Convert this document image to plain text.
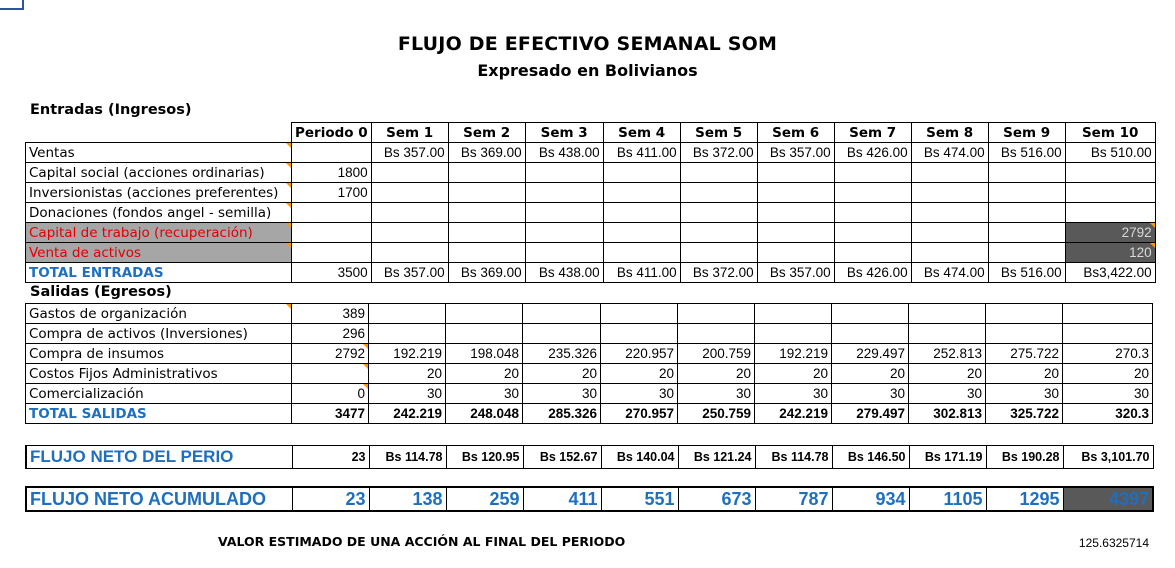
FLUJO DE EFECTIVO SEMANAL SOM
Expresado en Bolivianos
Entradas (Ingresos)
Salidas (Egresos)
	Periodo 0	Sem 1	Sem 2	Sem 3	Sem 4	Sem 5	Sem 6	Sem 7	Sem 8	Sem 9	Sem 10
Ventas		Bs 357.00	Bs 369.00	Bs 438.00	Bs 411.00	Bs 372.00	Bs 357.00	Bs 426.00	Bs 474.00	Bs 516.00	Bs 510.00
Capital social (acciones ordinarias)	1800										
Inversionistas (acciones preferentes)	1700										
Donaciones (fondos angel - semilla)											
Capital de trabajo (recuperación)											2792
Venta de activos											120
TOTAL ENTRADAS	3500	Bs 357.00	Bs 369.00	Bs 438.00	Bs 411.00	Bs 372.00	Bs 357.00	Bs 426.00	Bs 474.00	Bs 516.00	Bs3,422.00
Gastos de organización	389										
Compra de activos (Inversiones)	296										
Compra de insumos	2792	192.219	198.048	235.326	220.957	200.759	192.219	229.497	252.813	275.722	270.3
Costos Fijos Administrativos		20	20	20	20	20	20	20	20	20	20
Comercialización	0	30	30	30	30	30	30	30	30	30	30
TOTAL SALIDAS	3477	242.219	248.048	285.326	270.957	250.759	242.219	279.497	302.813	325.722	320.3
FLUJO NETO DEL PERIO	23	Bs 114.78	Bs 120.95	Bs 152.67	Bs 140.04	Bs 121.24	Bs 114.78	Bs 146.50	Bs 171.19	Bs 190.28	Bs 3,101.70
FLUJO NETO ACUMULADO	23	138	259	411	551	673	787	934	1105	1295	4397
VALOR ESTIMADO DE UNA ACCIÓN AL FINAL DEL PERIODO	125.6325714
